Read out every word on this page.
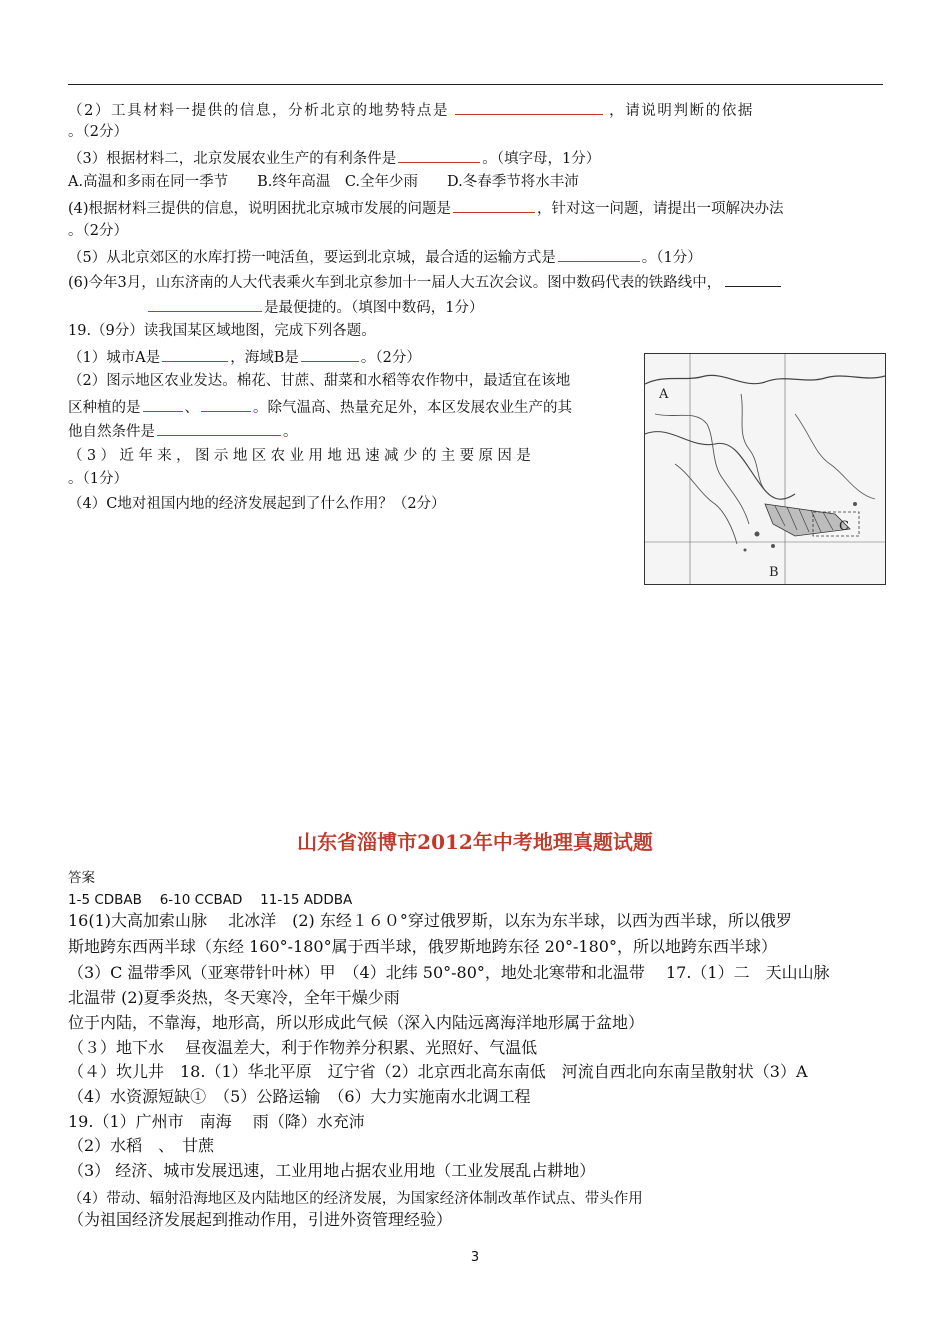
（2）工具材料一提供的信息，分析北京的地势特点是	，请说明判断的依据
。（2分）
（3）根据材料二，北京发展农业生产的有利条件是	。（填字母，1分）
A.高温和多雨在同一季节　　B.终年高温　C.全年少雨　　D.冬春季节将水丰沛
(4)根据材料三提供的信息，说明困扰北京城市发展的问题是	，针对这一问题，请提出一项解决办法
。（2分）
（5）从北京郊区的水库打捞一吨活鱼，要运到北京城，最合适的运输方式是	。（1分）
(6)今年3月，山东济南的人大代表乘火车到北京参加十一届人大五次会议。图中数码代表的铁路线中，
是最便捷的。（填图中数码，1分）
19.（9分）读我国某区域地图，完成下列各题。
（1）城市A是	，海域B是	。（2分）
（2）图示地区农业发达。棉花、甘蔗、甜菜和水稻等农作物中，最适宜在该地
区种植的是	、	。除气温高、热量充足外，本区发展农业生产的其
他自然条件是	。
（3）近年来，图示地区农业用地迅速减少的主要原因是
。（1分）
（4）C地对祖国内地的经济发展起到了什么作用？（2分）
A
B
C
山东省淄博市2012年中考地理真题试题
答案
1-5 CDBAB　 6-10 CCBAD　 11-15 ADDBA
16(1)大高加索山脉　 北冰洋　(2) 东经１６０°穿过俄罗斯，以东为东半球，以西为西半球，所以俄罗
斯地跨东西两半球（东经 160°-180°属于西半球，俄罗斯地跨东径 20°-180°，所以地跨东西半球）
（3）C 温带季风（亚寒带针叶林）甲　（4）北纬 50°-80°，地处北寒带和北温带　 17.（1）二　天山山脉
北温带 (2)夏季炎热，冬天寒冷，全年干燥少雨
位于内陆，不靠海，地形高，所以形成此气候（深入内陆远离海洋地形属于盆地）
（３）地下水　 昼夜温差大，利于作物养分积累、光照好、气温低
（４）坎儿井　18.（1）华北平原　辽宁省（2）北京西北高东南低　河流自西北向东南呈散射状（3）A
（4）水资源短缺①　（5）公路运输　（6）大力实施南水北调工程
19.（1）广州市　南海　 雨（降）水充沛
（2）水稻　、　甘蔗
（3） 经济、城市发展迅速，工业用地占据农业用地（工业发展乱占耕地）
（4）带动、辐射沿海地区及内陆地区的经济发展，为国家经济体制改革作试点、带头作用
（为祖国经济发展起到推动作用，引进外资管理经验）
3
